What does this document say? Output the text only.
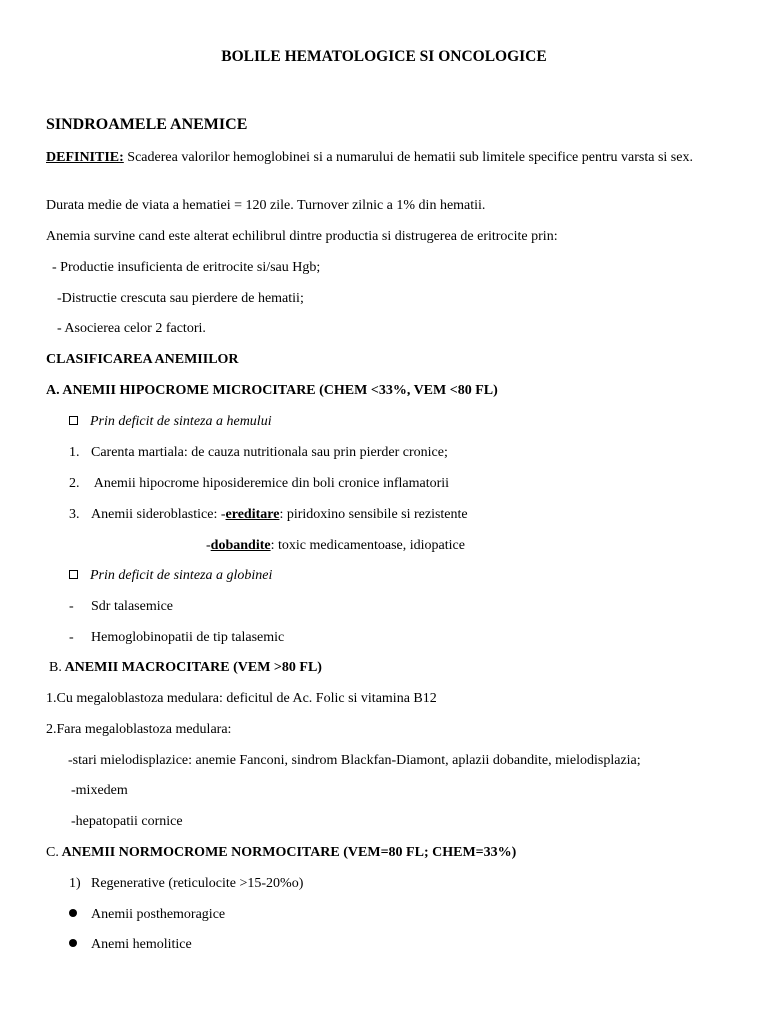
BOLILE HEMATOLOGICE SI ONCOLOGICE
SINDROAMELE ANEMICE
DEFINITIE: Scaderea valorilor hemoglobinei si a numarului de hematii sub limitele specifice pentru varsta si sex.
Durata medie de viata a hematiei = 120 zile. Turnover zilnic a 1% din hematii.
Anemia survine cand este alterat echilibrul dintre productia si distrugerea de eritrocite prin:
- Productie insuficienta de eritrocite si/sau Hgb;
-Distructie crescuta sau pierdere de hematii;
- Asocierea celor 2 factori.
CLASIFICAREA ANEMIILOR
A. ANEMII HIPOCROME MICROCITARE (CHEM <33%, VEM <80 FL)
Prin deficit de sinteza a hemului
1. Carenta martiala: de cauza nutritionala sau prin pierder cronice;
2. Anemii hipocrome hiposideremice din boli cronice inflamatorii
3. Anemii sideroblastice: -ereditare: piridoxino sensibile si rezistente
-dobandite: toxic medicamentoase, idiopatice
Prin deficit de sinteza a globinei
- Sdr talasemice
- Hemoglobinopatii de tip talasemic
B. ANEMII MACROCITARE (VEM >80 FL)
1.Cu megaloblastoza medulara: deficitul de Ac. Folic si vitamina B12
2.Fara megaloblastoza medulara:
-stari mielodisplazice: anemie Fanconi, sindrom Blackfan-Diamont, aplazii dobandite, mielodisplazia;
-mixedem
-hepatopatii cornice
C. ANEMII NORMOCROME NORMOCITARE (VEM=80 FL; CHEM=33%)
1) Regenerative (reticulocite >15-20%o)
Anemii posthemoragice
Anemi hemolitice
